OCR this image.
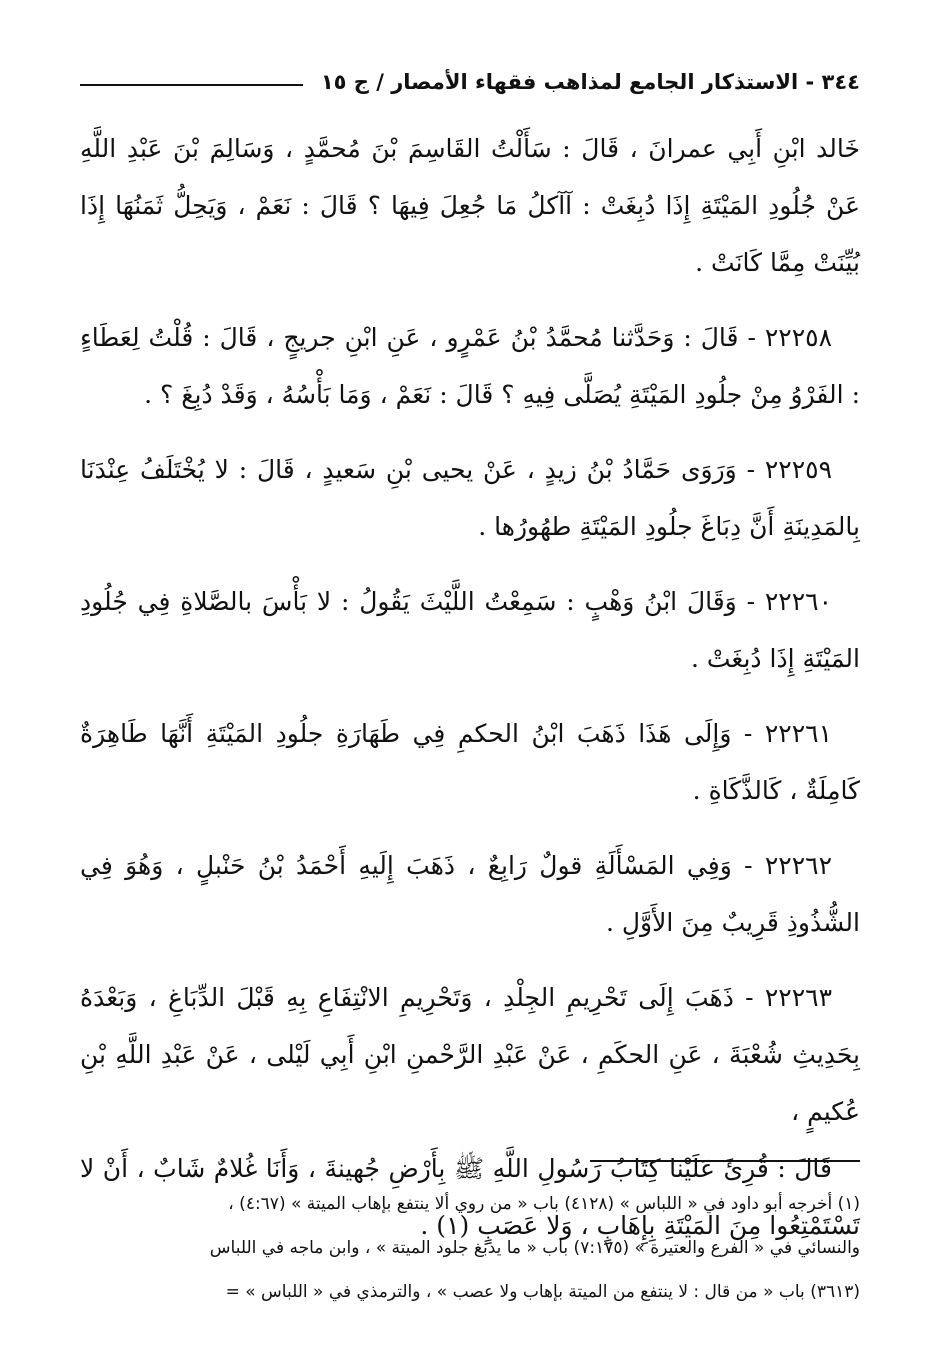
٣٤٤ - الاستذكار الجامع لمذاهب فقهاء الأمصار / ج ١٥

خَالد ابْنِ أَبِي عمرانَ ، قَالَ : سَأَلْتُ القَاسِمَ بْنَ مُحمَّدٍ ، وَسَالِمَ بْنَ عَبْدِ اللَّهِ عَنْ جُلُودِ المَيْتَةِ إِذَا دُبِغَتْ : آآكلُ مَا جُعِلَ فِيهَا ؟ قَالَ : نَعَمْ ، وَيَحِلُّ ثَمَنُهَا إِذَا بُيِّنَتْ مِمَّا كَانَتْ .

٢٢٢٥٨ - قَالَ : وَحَدَّثنا مُحمَّدُ بْنُ عَمْرٍو ، عَنِ ابْنِ جريجٍ ، قَالَ : قُلْتُ لِعَطَاءٍ : الفَرْوُ مِنْ جلُودِ المَيْتَةِ يُصَلَّى فِيهِ ؟ قَالَ : نَعَمْ ، وَمَا بَأْسُهُ ، وَقَدْ دُبِغَ ؟ .

٢٢٢٥٩ - وَرَوَى حَمَّادُ بْنُ زيدٍ ، عَنْ يحيى بْنِ سَعيدٍ ، قَالَ : لا يُخْتَلَفُ عِنْدَنَا بِالمَدِينَةِ أَنَّ دِبَاغَ جلُودِ المَيْتَةِ طهُورُها .

٢٢٢٦٠ - وَقَالَ ابْنُ وَهْبٍ : سَمِعْتُ اللَّيْثَ يَقُولُ : لا بَأْسَ بالصَّلاةِ فِي جُلُودِ المَيْتَةِ إِذَا دُبِغَتْ .

٢٢٢٦١ - وَإِلَى هَذَا ذَهَبَ ابْنُ الحكمِ فِي طَهَارَةِ جلُودِ المَيْتَةِ أَنَّهَا طَاهِرَةٌ كَامِلَةٌ ، كَالذَّكَاةِ .

٢٢٢٦٢ - وَفِي المَسْأَلَةِ قولٌ رَابِعٌ ، ذَهَبَ إِلَيهِ أَحْمَدُ بْنُ حَنْبلٍ ، وَهُوَ فِي الشُّذُوذِ قَرِيبٌ مِنَ الأَوَّلِ .

٢٢٢٦٣ - ذَهَبَ إِلَى تَحْرِيمِ الجِلْدِ ، وَتَحْرِيمِ الانْتِفَاعِ بِهِ قَبْلَ الدِّبَاغِ ، وَبَعْدَهُ بِحَدِيثِ شُعْبَةَ ، عَنِ الحكَمِ ، عَنْ عَبْدِ الرَّحْمنِ ابْنِ أَبِي لَيْلى ، عَنْ عَبْدِ اللَّهِ بْنِ عُكيمٍ ،

قَالَ : قُرِئَ عَلَيْنا كِتَابُ رَسُولِ اللَّهِ ﷺ بِأَرْضِ جُهينةَ ، وَأَنَا غُلامٌ شَابٌ ، أَنْ لا تَسْتَمْتِعُوا مِنَ المَيْتَةِ بِإِهَابٍ ، وَلا عَصَبٍ (١) .

(١) أخرجه أبو داود في « اللباس » (٤١٢٨) باب « من روي ألا ينتفع بإهاب الميتة » (٤:٦٧) ،

والنسائي في « الفرع والعتيرة » (٧:١٧٥) باب « ما يدبغ جلود الميتة » ، وابن ماجه في اللباس

(٣٦١٣) باب « من قال : لا ينتفع من الميتة بإهاب ولا عصب » ، والترمذي في « اللباس » =
